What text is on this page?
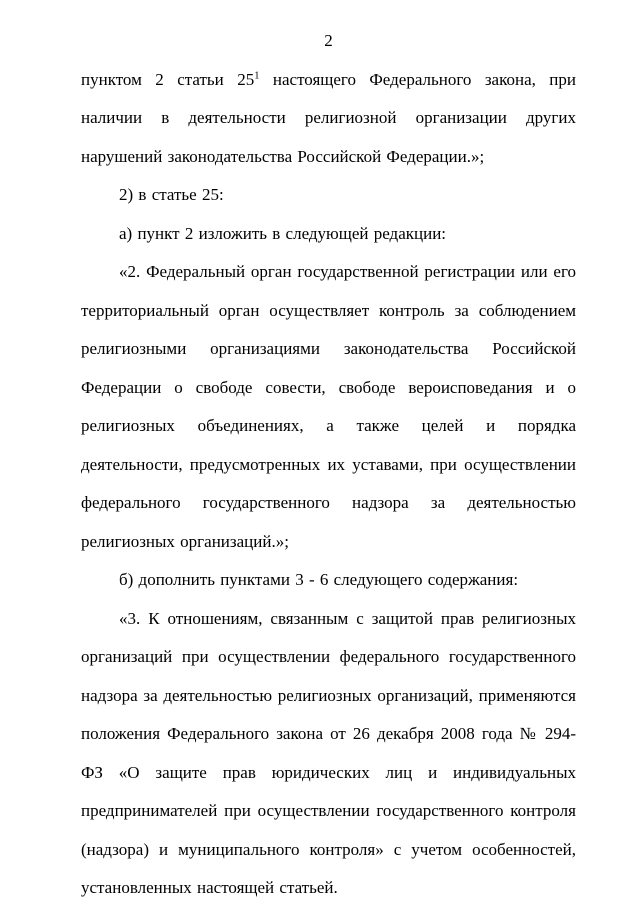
2

пунктом 2 статьи 25$^1$ настоящего Федерального закона, при наличии в деятельности религиозной организации других нарушений законодательства Российской Федерации.»;

2) в статье 25:

а) пункт 2 изложить в следующей редакции:

«2. Федеральный орган государственной регистрации или его территориальный орган осуществляет контроль за соблюдением религиозными организациями законодательства Российской Федерации о свободе совести, свободе вероисповедания и о религиозных объединениях, а также целей и порядка деятельности, предусмотренных их уставами, при осуществлении федерального государственного надзора за деятельностью религиозных организаций.»;

б) дополнить пунктами 3 - 6 следующего содержания:

«3. К отношениям, связанным с защитой прав религиозных организаций при осуществлении федерального государственного надзора за деятельностью религиозных организаций, применяются положения Федерального закона от 26 декабря 2008 года № 294-ФЗ «О защите прав юридических лиц и индивидуальных предпринимателей при осуществлении государственного контроля (надзора) и муниципального контроля» с учетом особенностей, установленных настоящей статьей.
